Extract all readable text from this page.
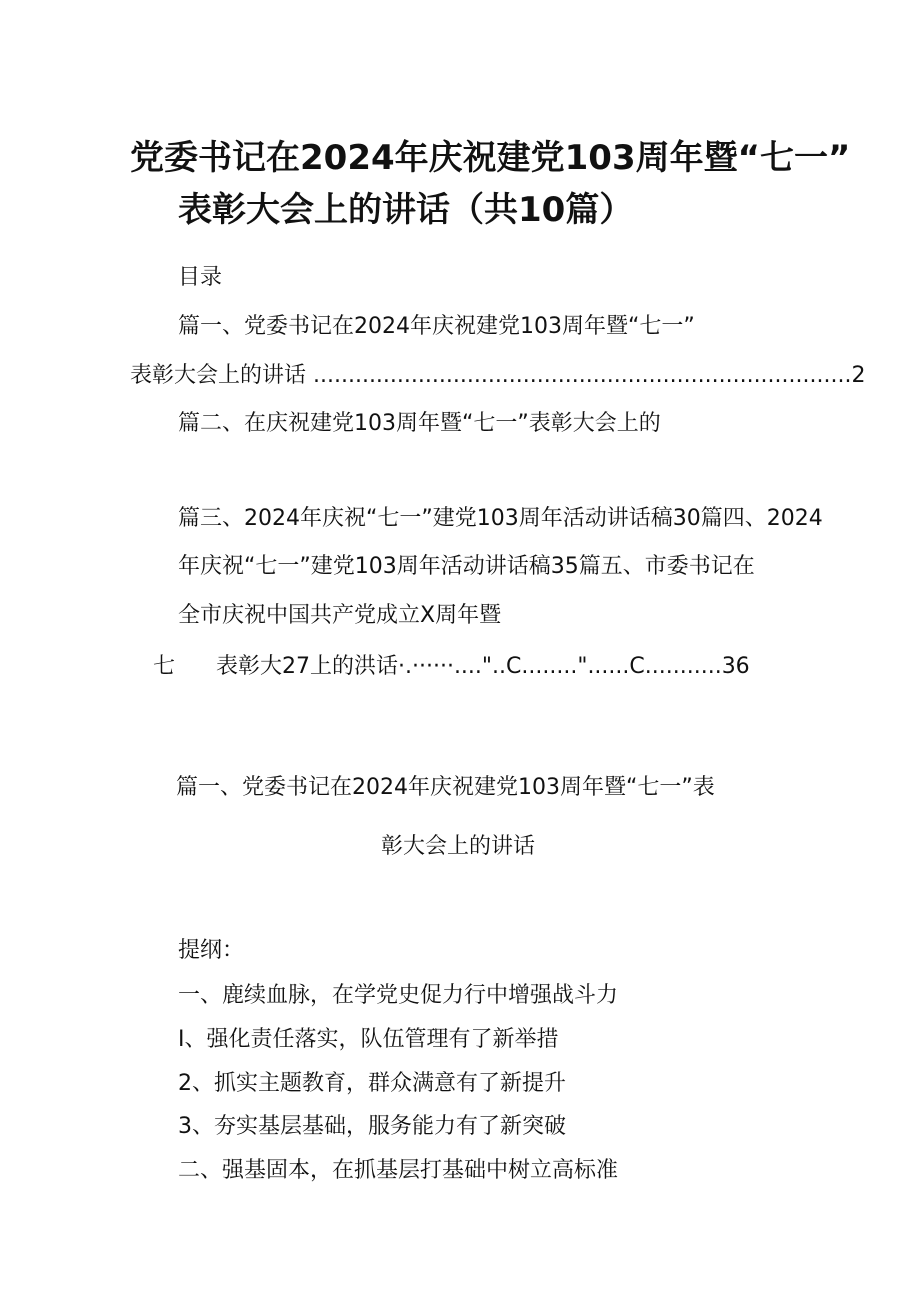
党委书记在2024年庆祝建党103周年暨“七一”
表彰大会上的讲话（共10篇）
目录
篇一、党委书记在2024年庆祝建党103周年暨“七一”
表彰大会上的讲话 .............................................................................2
篇二、在庆祝建党103周年暨“七一”表彰大会上的
篇三、2024年庆祝“七一”建党103周年活动讲话稿30篇四、2024
年庆祝“七一”建党103周年活动讲话稿35篇五、市委书记在
全市庆祝中国共产党成立X周年暨
七 表彰大27上的洪话·.······...."..C........"......C...........36
篇一、党委书记在2024年庆祝建党103周年暨“七一”表
彰大会上的讲话
提纲：
一、鹿续血脉，在学党史促力行中增强战斗力
I、强化责任落实，队伍管理有了新举措
2、抓实主题教育，群众满意有了新提升
3、夯实基层基础，服务能力有了新突破
二、强基固本，在抓基层打基础中树立高标准
